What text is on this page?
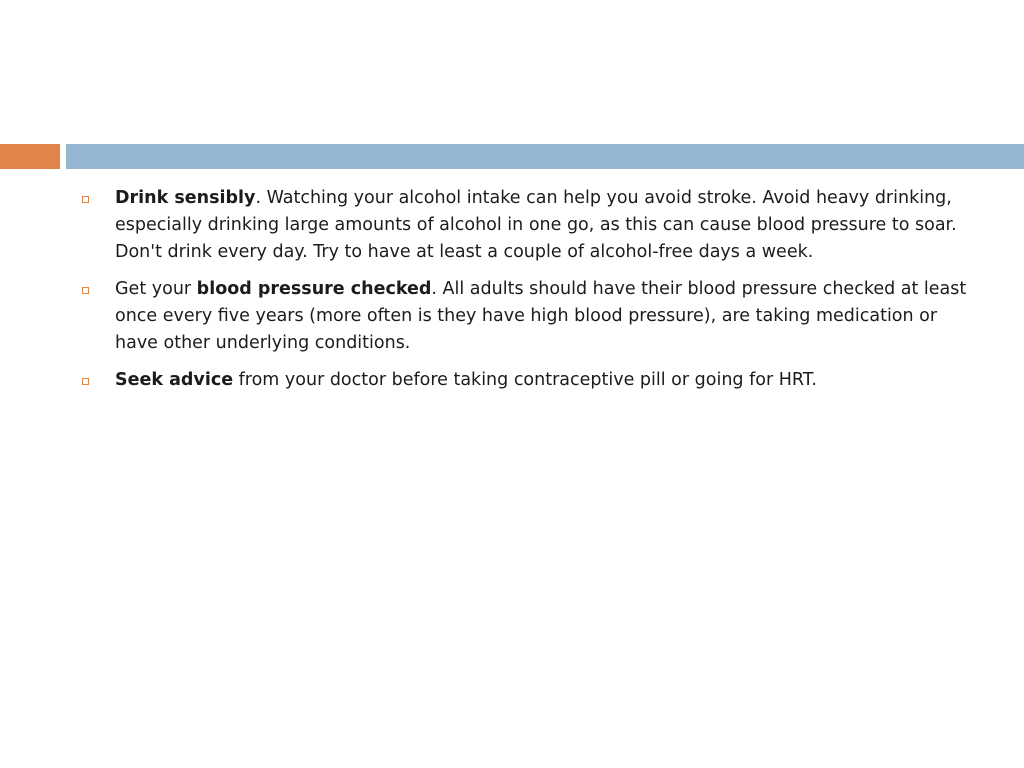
Drink sensibly. Watching your alcohol intake can help you avoid stroke. Avoid heavy drinking, especially drinking large amounts of alcohol in one go, as this can cause blood pressure to soar. Don't drink every day. Try to have at least a couple of alcohol-free days a week.
Get your blood pressure checked. All adults should have their blood pressure checked at least once every five years (more often is they have high blood pressure), are taking medication or have other underlying conditions.
Seek advice from your doctor before taking contraceptive pill or going for HRT.
